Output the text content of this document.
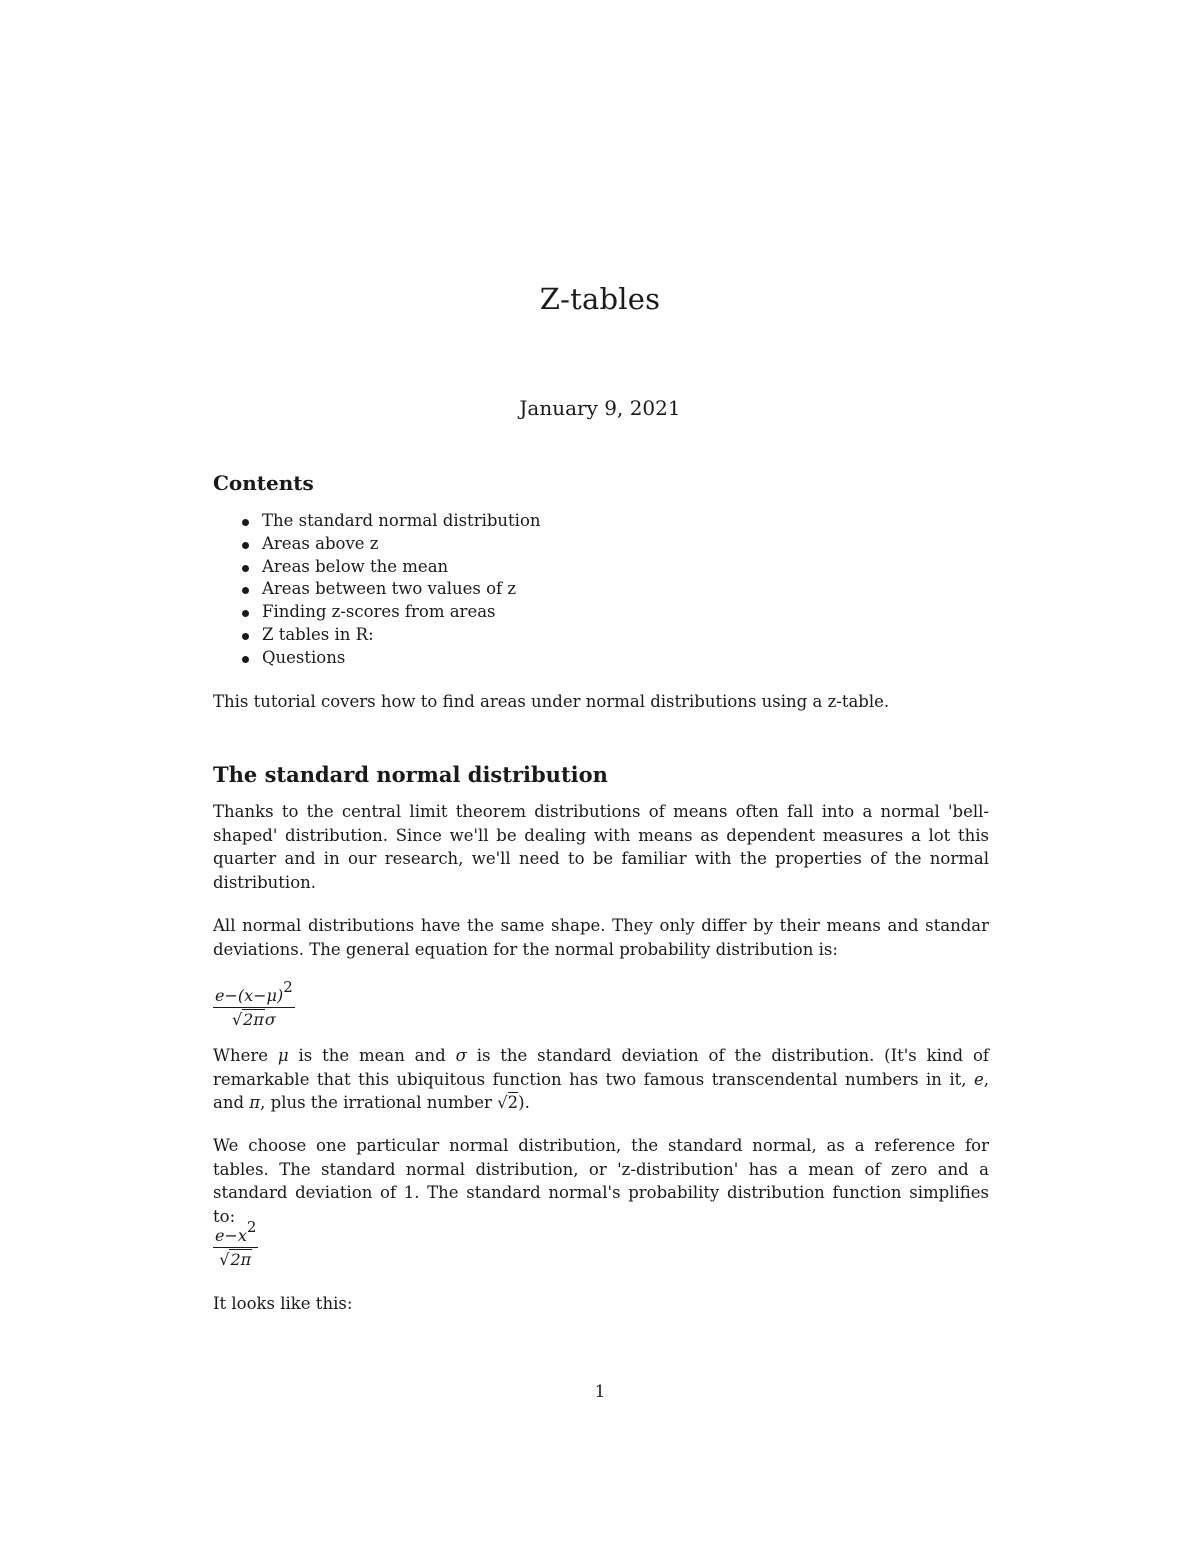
Z-tables
January 9, 2021
Contents
The standard normal distribution
Areas above z
Areas below the mean
Areas between two values of z
Finding z-scores from areas
Z tables in R:
Questions

This tutorial covers how to find areas under normal distributions using a z-table.

The standard normal distribution

Thanks to the central limit theorem distributions of means often fall into a normal 'bell-shaped' distribution. Since we'll be dealing with means as dependent measures a lot this quarter and in our research, we'll need to be familiar with the properties of the normal distribution.

All normal distributions have the same shape. They only differ by their means and standar deviations. The general equation for the normal probability distribution is:

$\frac{e-(x-\mu)^2}{√2\pi\sigma}$

Where μ is the mean and σ is the standard deviation of the distribution. (It's kind of remarkable that this ubiquitous function has two famous transcendental numbers in it, e, and π, plus the irrational number √2).

We choose one particular normal distribution, the standard normal, as a reference for tables. The standard normal distribution, or 'z-distribution' has a mean of zero and a standard deviation of 1. The standard normal's probability distribution function simplifies to:

$\frac{e-x^2}{√2\pi}$

It looks like this:

1
